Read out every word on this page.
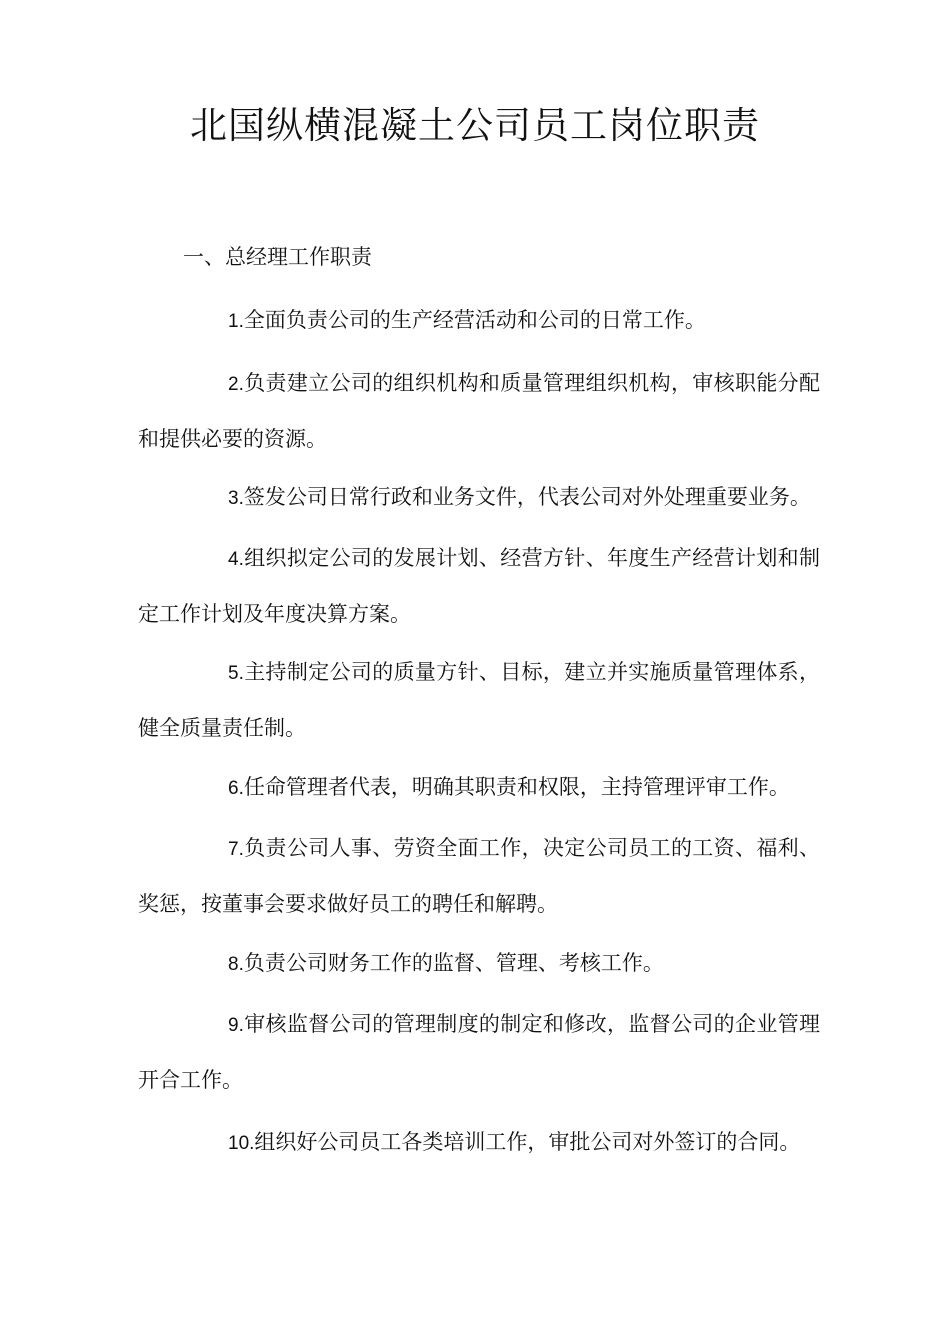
北国纵横混凝土公司员工岗位职责

一、总经理工作职责

1.全面负责公司的生产经营活动和公司的日常工作。

2.负责建立公司的组织机构和质量管理组织机构，审核职能分配和提供必要的资源。

3.签发公司日常行政和业务文件，代表公司对外处理重要业务。

4.组织拟定公司的发展计划、经营方针、年度生产经营计划和制定工作计划及年度决算方案。

5.主持制定公司的质量方针、目标，建立并实施质量管理体系，健全质量责任制。

6.任命管理者代表，明确其职责和权限，主持管理评审工作。

7.负责公司人事、劳资全面工作，决定公司员工的工资、福利、奖惩，按董事会要求做好员工的聘任和解聘。

8.负责公司财务工作的监督、管理、考核工作。

9.审核监督公司的管理制度的制定和修改，监督公司的企业管理开合工作。

10.组织好公司员工各类培训工作，审批公司对外签订的合同。
